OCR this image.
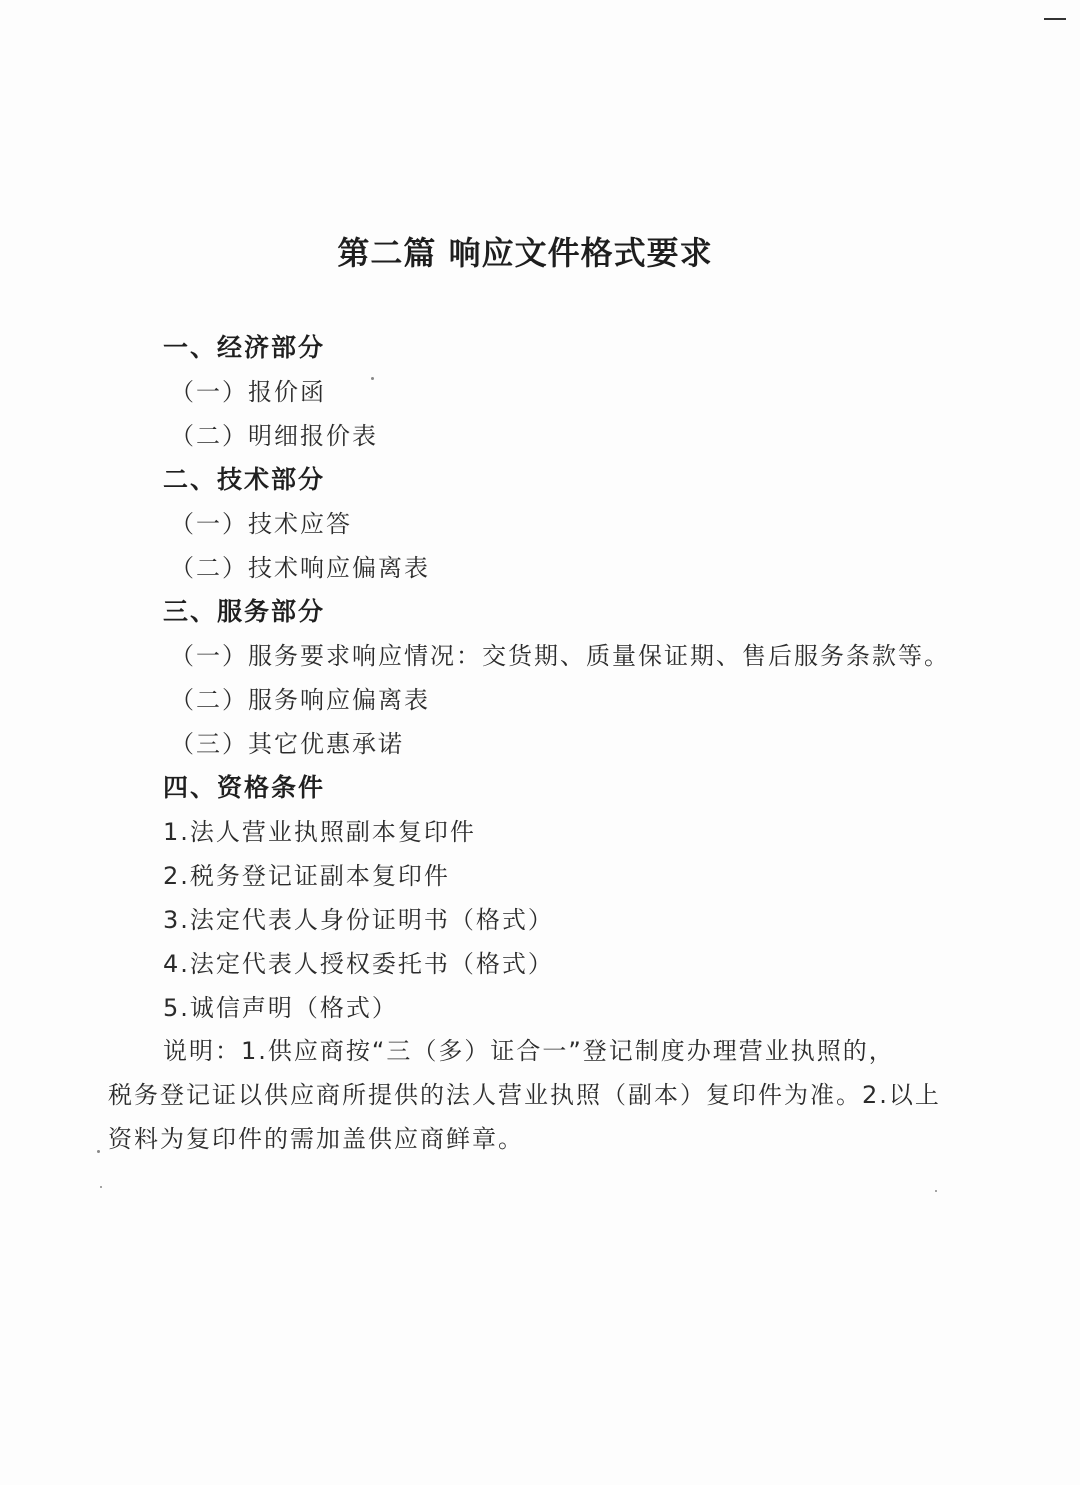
第二篇 响应文件格式要求
一、经济部分
（一）报价函
（二）明细报价表
二、技术部分
（一）技术应答
（二）技术响应偏离表
三、服务部分
（一）服务要求响应情况：交货期、质量保证期、售后服务条款等。
（二）服务响应偏离表
（三）其它优惠承诺
四、资格条件
1.法人营业执照副本复印件
2.税务登记证副本复印件
3.法定代表人身份证明书（格式）
4.法定代表人授权委托书（格式）
5.诚信声明（格式）
说明：1.供应商按“三（多）证合一”登记制度办理营业执照的，
税务登记证以供应商所提供的法人营业执照（副本）复印件为准。2.以上
资料为复印件的需加盖供应商鲜章。
